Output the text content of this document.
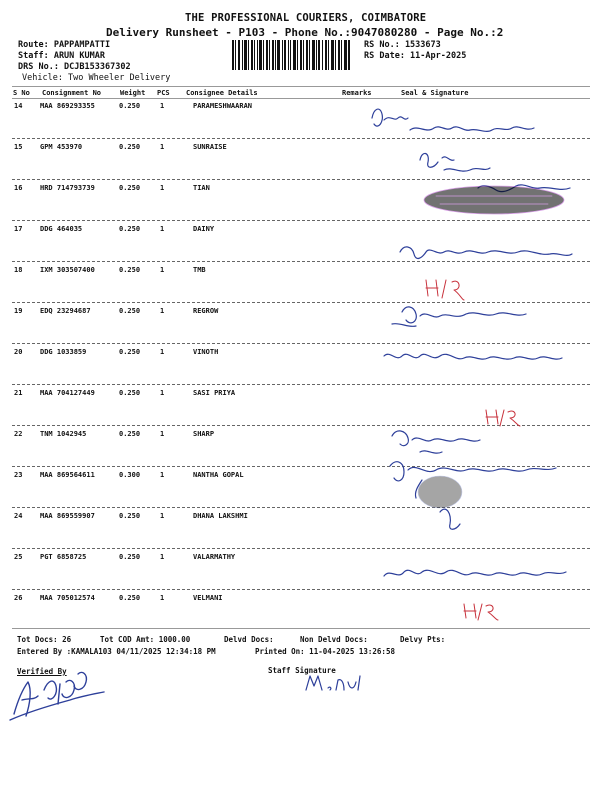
THE PROFESSIONAL COURIERS, COIMBATORE
Delivery Runsheet - P103 - Phone No.:9047080280 - Page No.:2
Route: PAPPAMPATTI
Staff: ARUN KUMAR
DRS No.: DCJB153367302
Vehicle: Two Wheeler Delivery
RS No.: 1533673
RS Date: 11-Apr-2025
S No Consignment No	Weight PCS Consignee Details	Remarks	Seal & Signature
14	MAA 869293355	0.250	1	PARAMESHWAARAN
15	GPM 453970	0.250	1	SUNRAISE
16	HRD 714793739	0.250	1	TIAN
17	DDG 464035	0.250	1	DAINY
18	IXM 303507400	0.250	1	TMB
19	EDQ 23294687	0.250	1	REGROW
20	DDG 1033859	0.250	1	VINOTH
21	MAA 704127449	0.250	1	SASI PRIYA
22	TNM 1042945	0.250	1	SHARP
23	MAA 869564611	0.300	1	NANTHA GOPAL
24	MAA 869559907	0.250	1	DHANA LAKSHMI
25	PGT 6858725	0.250	1	VALARMATHY
26	MAA 705012574	0.250	1	VELMANI
Tot Docs: 26	Tot COD Amt: 1000.00	Delvd Docs:	Non Delvd Docs:	Delvy Pts:
Entered By :KAMALA103 04/11/2025 12:34:18 PM	Printed On: 11-04-2025 13:26:58
Verified By	Staff Signature
